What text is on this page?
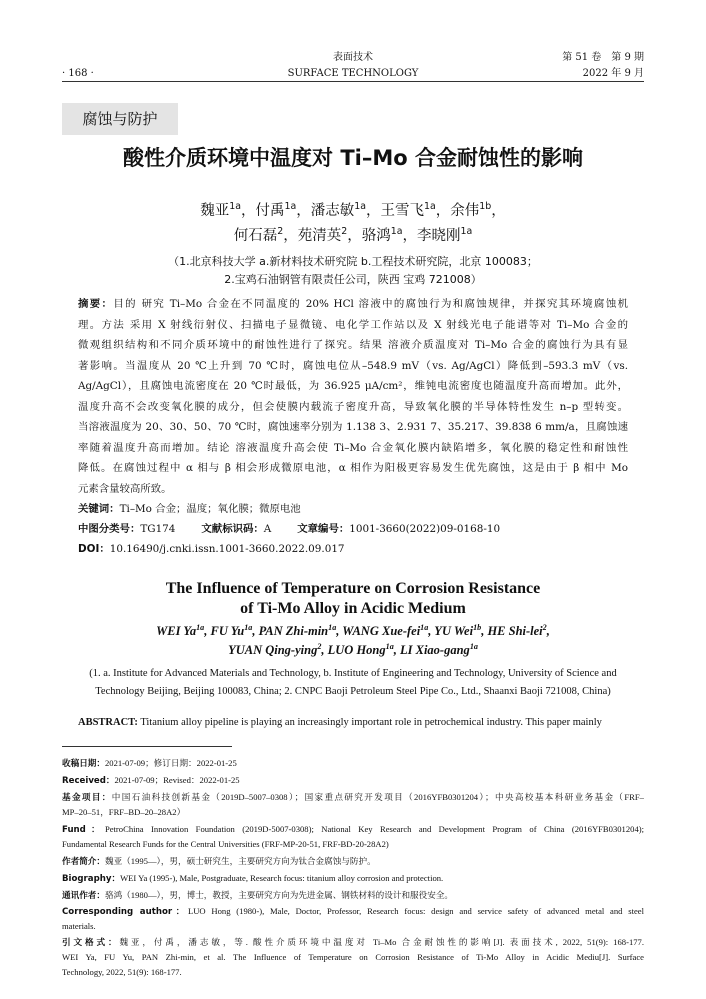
表面技术
SURFACE TECHNOLOGY
· 168 ·
第 51 卷　第 9 期
2022 年 9 月
腐蚀与防护
酸性介质环境中温度对 Ti–Mo 合金耐蚀性的影响
魏亚$^{1a}$，付禹$^{1a}$，潘志敏$^{1a}$，王雪飞$^{1a}$，余伟$^{1b}$，
何石磊$^2$，苑清英$^2$，骆鸿$^{1a}$，李晓刚$^{1a}$
（1.北京科技大学 a.新材料技术研究院 b.工程技术研究院，北京 100083；
2.宝鸡石油钢管有限责任公司，陕西 宝鸡 721008）
摘要：目的 研究 Ti–Mo 合金在不同温度的 20% HCl 溶液中的腐蚀行为和腐蚀规律，并探究其环境腐蚀机
理。方法 采用 X 射线衍射仪、扫描电子显微镜、电化学工作站以及 X 射线光电子能谱等对 Ti–Mo 合金的
微观组织结构和不同介质环境中的耐蚀性进行了探究。结果 溶液介质温度对 Ti–Mo 合金的腐蚀行为具有显
著影响。当温度从 20 ℃上升到 70 ℃时，腐蚀电位从–548.9 mV（vs. Ag/AgCl）降低到–593.3 mV（vs.
Ag/AgCl），且腐蚀电流密度在 20 ℃时最低，为 36.925 μA/cm²，维钝电流密度也随温度升高而增加。此外，
温度升高不会改变氧化膜的成分，但会使膜内载流子密度升高，导致氧化膜的半导体特性发生 n–p 型转变。
当溶液温度为 20、30、50、70 ℃时，腐蚀速率分别为 1.138 3、2.931 7、35.217、39.838 6 mm/a，且腐蚀速
率随着温度升高而增加。结论 溶液温度升高会使 Ti–Mo 合金氧化膜内缺陷增多，氧化膜的稳定性和耐蚀性
降低。在腐蚀过程中 α 相与 β 相会形成微原电池，α 相作为阳极更容易发生优先腐蚀，这是由于 β 相中 Mo
元素含量较高所致。
关键词：Ti–Mo 合金；温度；氧化膜；微原电池
中图分类号：TG174	文献标识码：A	文章编号：1001-3660(2022)09-0168-10
DOI：10.16490/j.cnki.issn.1001-3660.2022.09.017
The Influence of Temperature on Corrosion Resistance
of Ti-Mo Alloy in Acidic Medium
WEI $Ya^{1a}$, FU $Yu^{1a}$, PAN Zhi-$\min^{1a}$, WANG Xue-fei$^{1a}$, YU Wei$^{1b}$, HE Shi-lei$^2$,
YUAN Qing-ying$^2$, LUO Hong$^{1a}$, LI Xiao-gang$^{1a}$
(1. a. Institute for Advanced Materials and Technology, b. Institute of Engineering and Technology, University of Science and
Technology Beijing, Beijing 100083, China; 2. CNPC Baoji Petroleum Steel Pipe Co., Ltd., Shaanxi Baoji 721008, China)
ABSTRACT: Titanium alloy pipeline is playing an increasingly important role in petrochemical industry. This paper mainly
收稿日期：2021-07-09；修订日期：2022-01-25
Received：2021-07-09；Revised：2022-01-25
基金项目：中国石油科技创新基金（2019D–5007–0308）；国家重点研究开发项目（2016YFB0301204）；中央高校基本科研业务基金（FRF–
MP–20–51，FRF–BD–20–28A2）
Fund：PetroChina Innovation Foundation (2019D-5007-0308); National Key Research and Development Program of China (2016YFB0301204);
Fundamental Research Funds for the Central Universities (FRF-MP-20-51, FRF-BD-20-28A2)
作者简介：魏亚（1995—），男，硕士研究生，主要研究方向为钛合金腐蚀与防护。
Biography：WEI Ya (1995-), Male, Postgraduate, Research focus: titanium alloy corrosion and protection.
通讯作者：骆鸿（1980—），男，博士，教授，主要研究方向为先进金属、钢铁材料的设计和服役安全。
Corresponding author：LUO Hong (1980-), Male, Doctor, Professor, Research focus: design and service safety of advanced metal and steel
materials.
引文格式：魏亚，付禹，潘志敏，等. 酸性介质环境中温度对 Ti–Mo 合金耐蚀性的影响[J]. 表面技术, 2022, 51(9): 168-177.
WEI Ya, FU Yu, PAN Zhi-min, et al. The Influence of Temperature on Corrosion Resistance of Ti-Mo Alloy in Acidic Mediu[J]. Surface
Technology, 2022, 51(9): 168-177.
